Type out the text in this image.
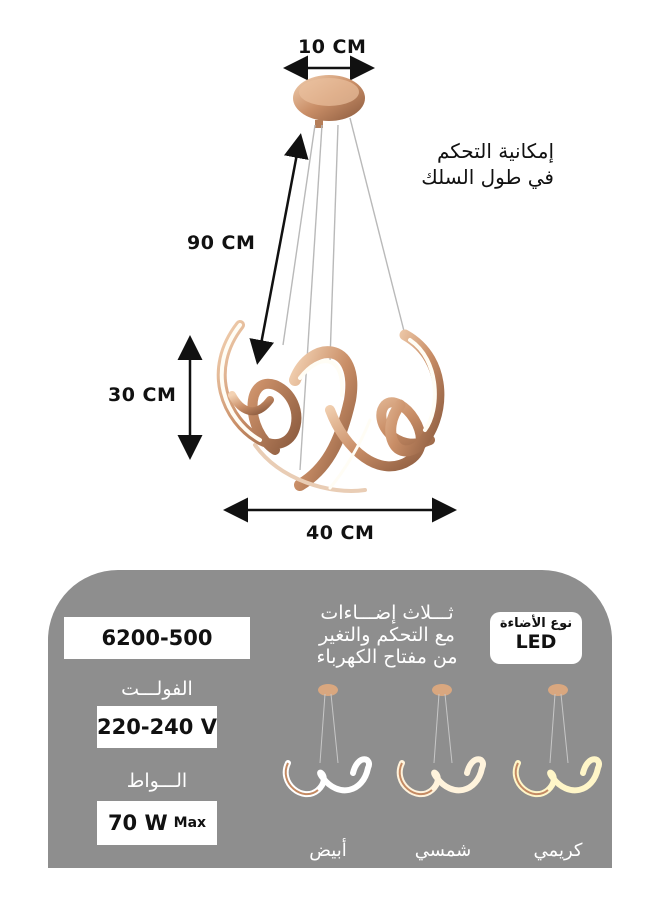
10 CM
90 CM
30 CM
40 CM
إمكانية التحكم
في طول السلك
6200-500
الفولـــت
220-240 V
الـــواط
70 W Max
نوع الأضاءة
LED
ثـــلاث إضـــاءات
مع التحكم والتغير
من مفتاح الكهرباء
أبيض	شمسي	كريمي
